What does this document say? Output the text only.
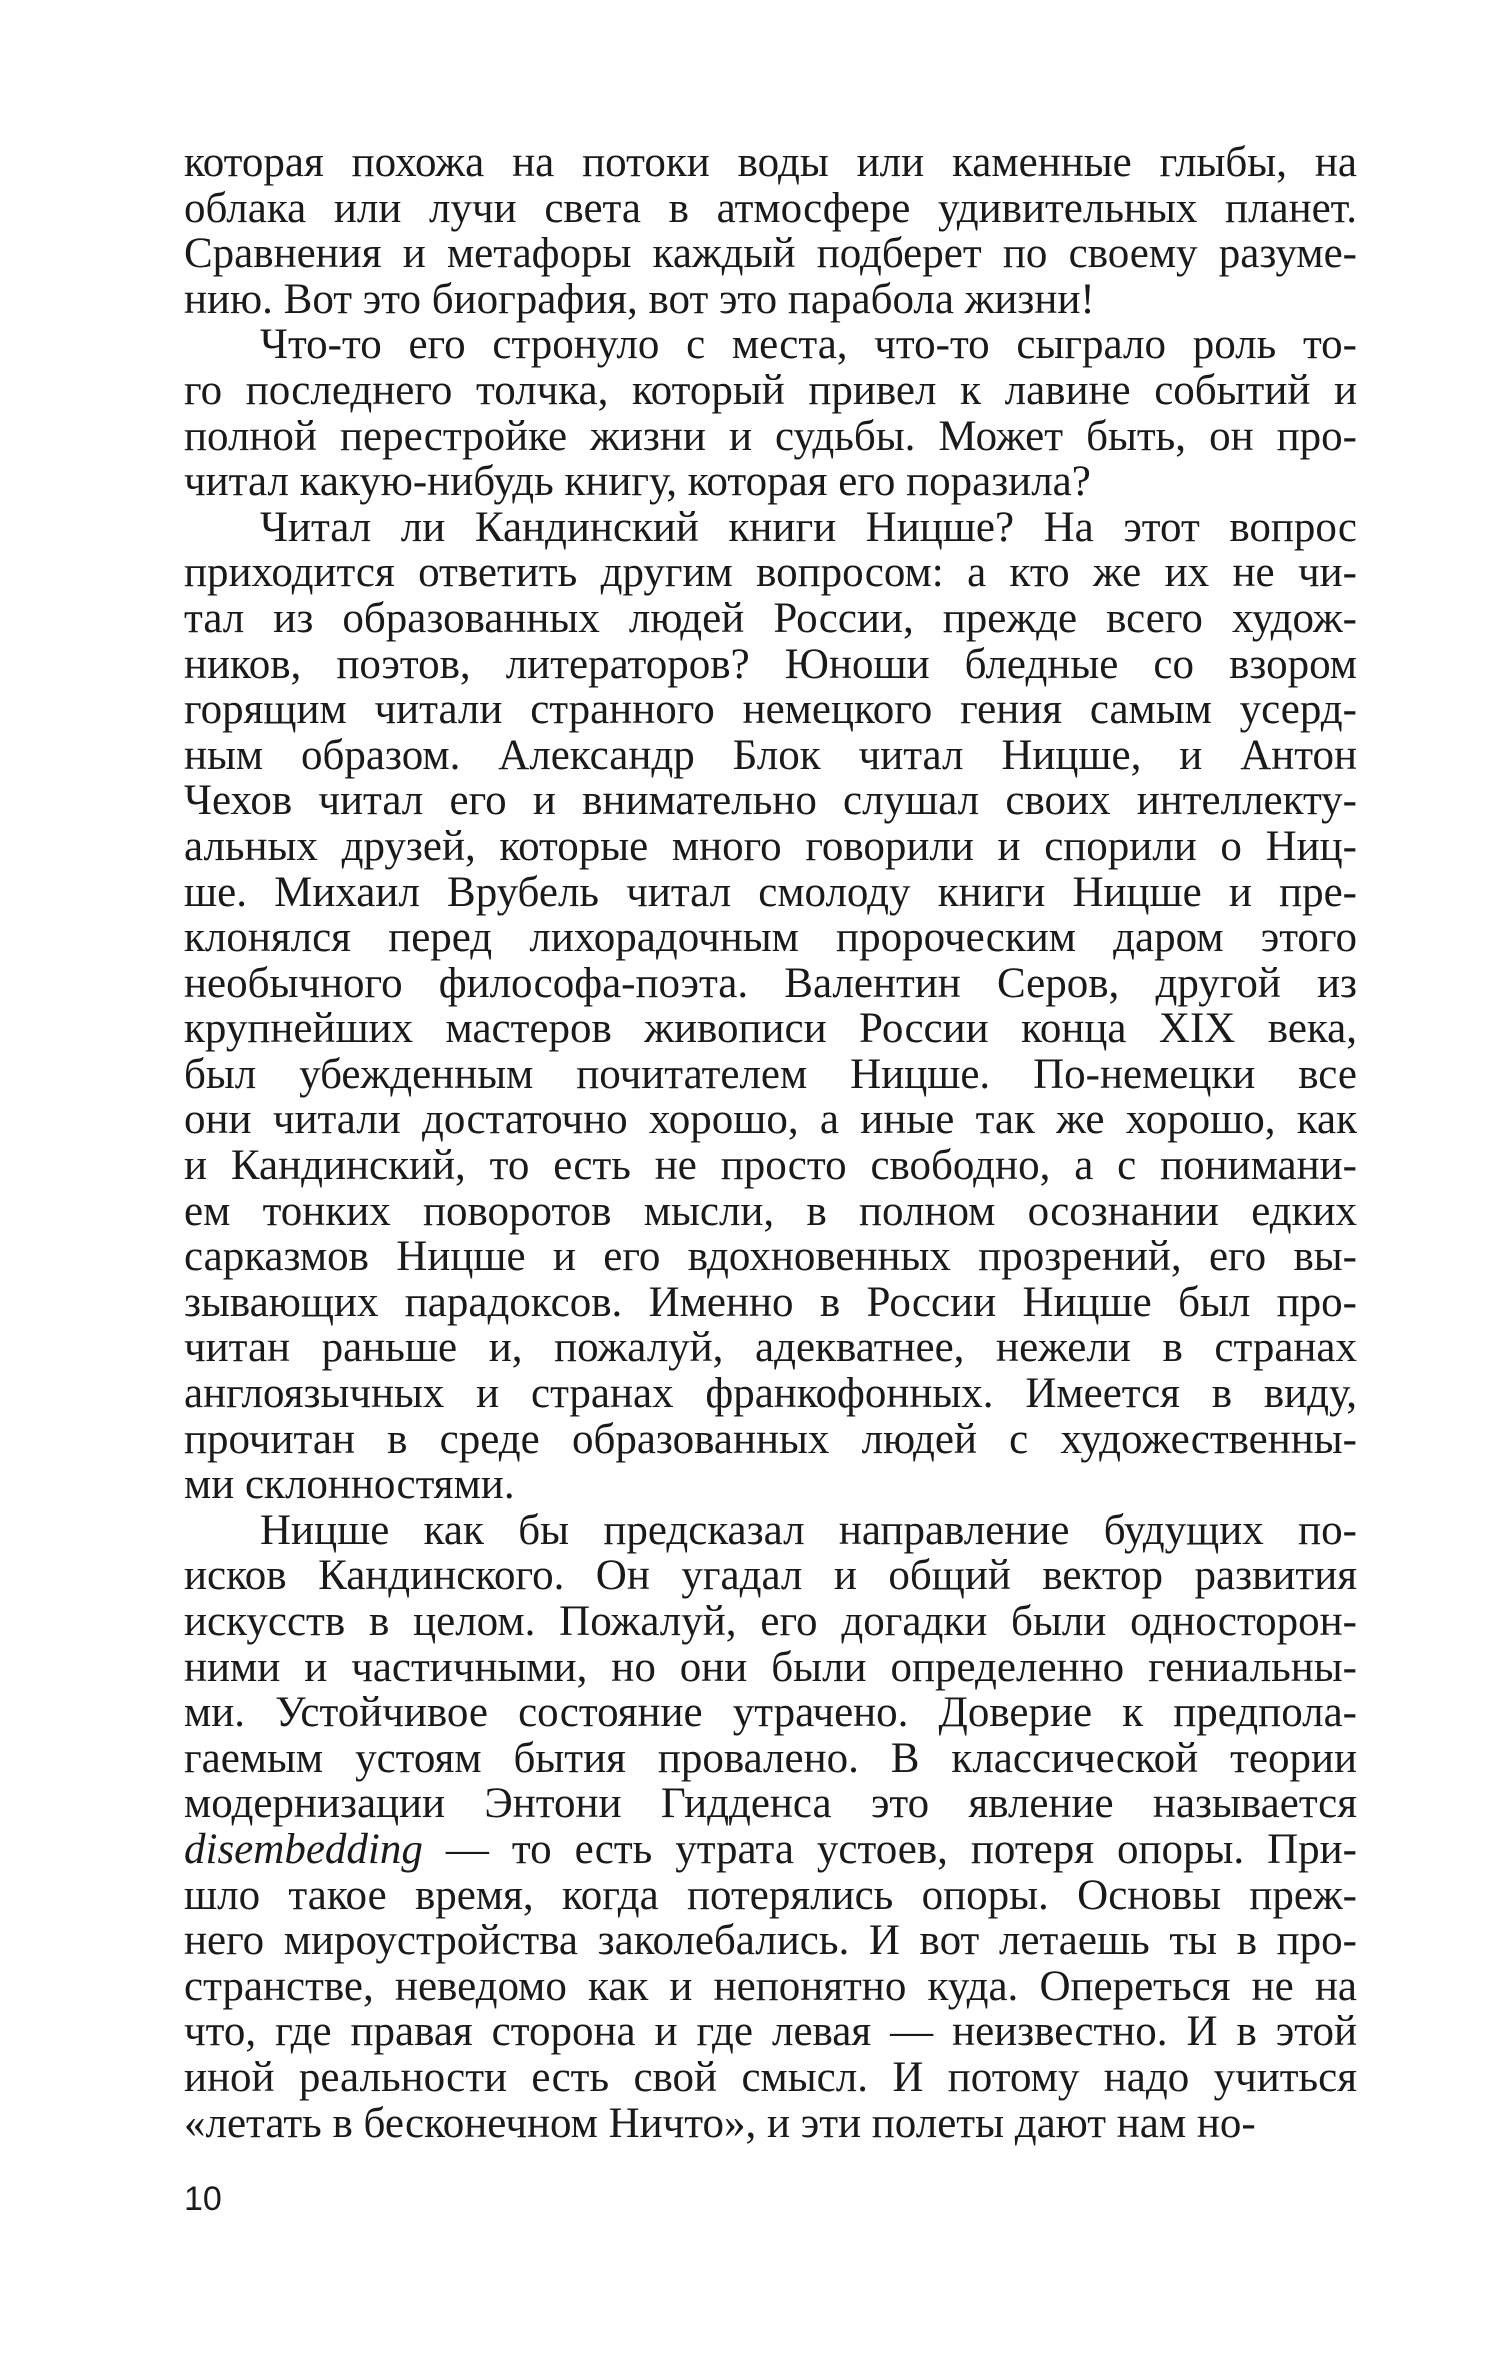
которая похожа на потоки воды или каменные глыбы, на
облака или лучи света в атмосфере удивительных планет.
Сравнения и метафоры каждый подберет по своему разуме-
нию. Вот это биография, вот это парабола жизни!
Что-то его стронуло с места, что-то сыграло роль то-
го последнего толчка, который привел к лавине событий и
полной перестройке жизни и судьбы. Может быть, он про-
читал какую-нибудь книгу, которая его поразила?
Читал ли Кандинский книги Ницше? На этот вопрос
приходится ответить другим вопросом: а кто же их не чи-
тал из образованных людей России, прежде всего худож-
ников, поэтов, литераторов? Юноши бледные со взором
горящим читали странного немецкого гения самым усерд-
ным образом. Александр Блок читал Ницше, и Антон
Чехов читал его и внимательно слушал своих интеллекту-
альных друзей, которые много говорили и спорили о Ниц-
ше. Михаил Врубель читал смолоду книги Ницше и пре-
клонялся перед лихорадочным пророческим даром этого
необычного философа-поэта. Валентин Серов, другой из
крупнейших мастеров живописи России конца XIX века,
был убежденным почитателем Ницше. По-немецки все
они читали достаточно хорошо, а иные так же хорошо, как
и Кандинский, то есть не просто свободно, а с понимани-
ем тонких поворотов мысли, в полном осознании едких
сарказмов Ницше и его вдохновенных прозрений, его вы-
зывающих парадоксов. Именно в России Ницше был про-
читан раньше и, пожалуй, адекватнее, нежели в странах
англоязычных и странах франкофонных. Имеется в виду,
прочитан в среде образованных людей с художественны-
ми склонностями.
Ницше как бы предсказал направление будущих по-
исков Кандинского. Он угадал и общий вектор развития
искусств в целом. Пожалуй, его догадки были односторон-
ними и частичными, но они были определенно гениальны-
ми. Устойчивое состояние утрачено. Доверие к предпола-
гаемым устоям бытия провалено. В классической теории
модернизации Энтони Гидденса это явление называется
disembedding — то есть утрата устоев, потеря опоры. При-
шло такое время, когда потерялись опоры. Основы преж-
него мироустройства заколебались. И вот летаешь ты в про-
странстве, неведомо как и непонятно куда. Опереться не на
что, где правая сторона и где левая — неизвестно. И в этой
иной реальности есть свой смысл. И потому надо учиться
«летать в бесконечном Ничто», и эти полеты дают нам но-
10
